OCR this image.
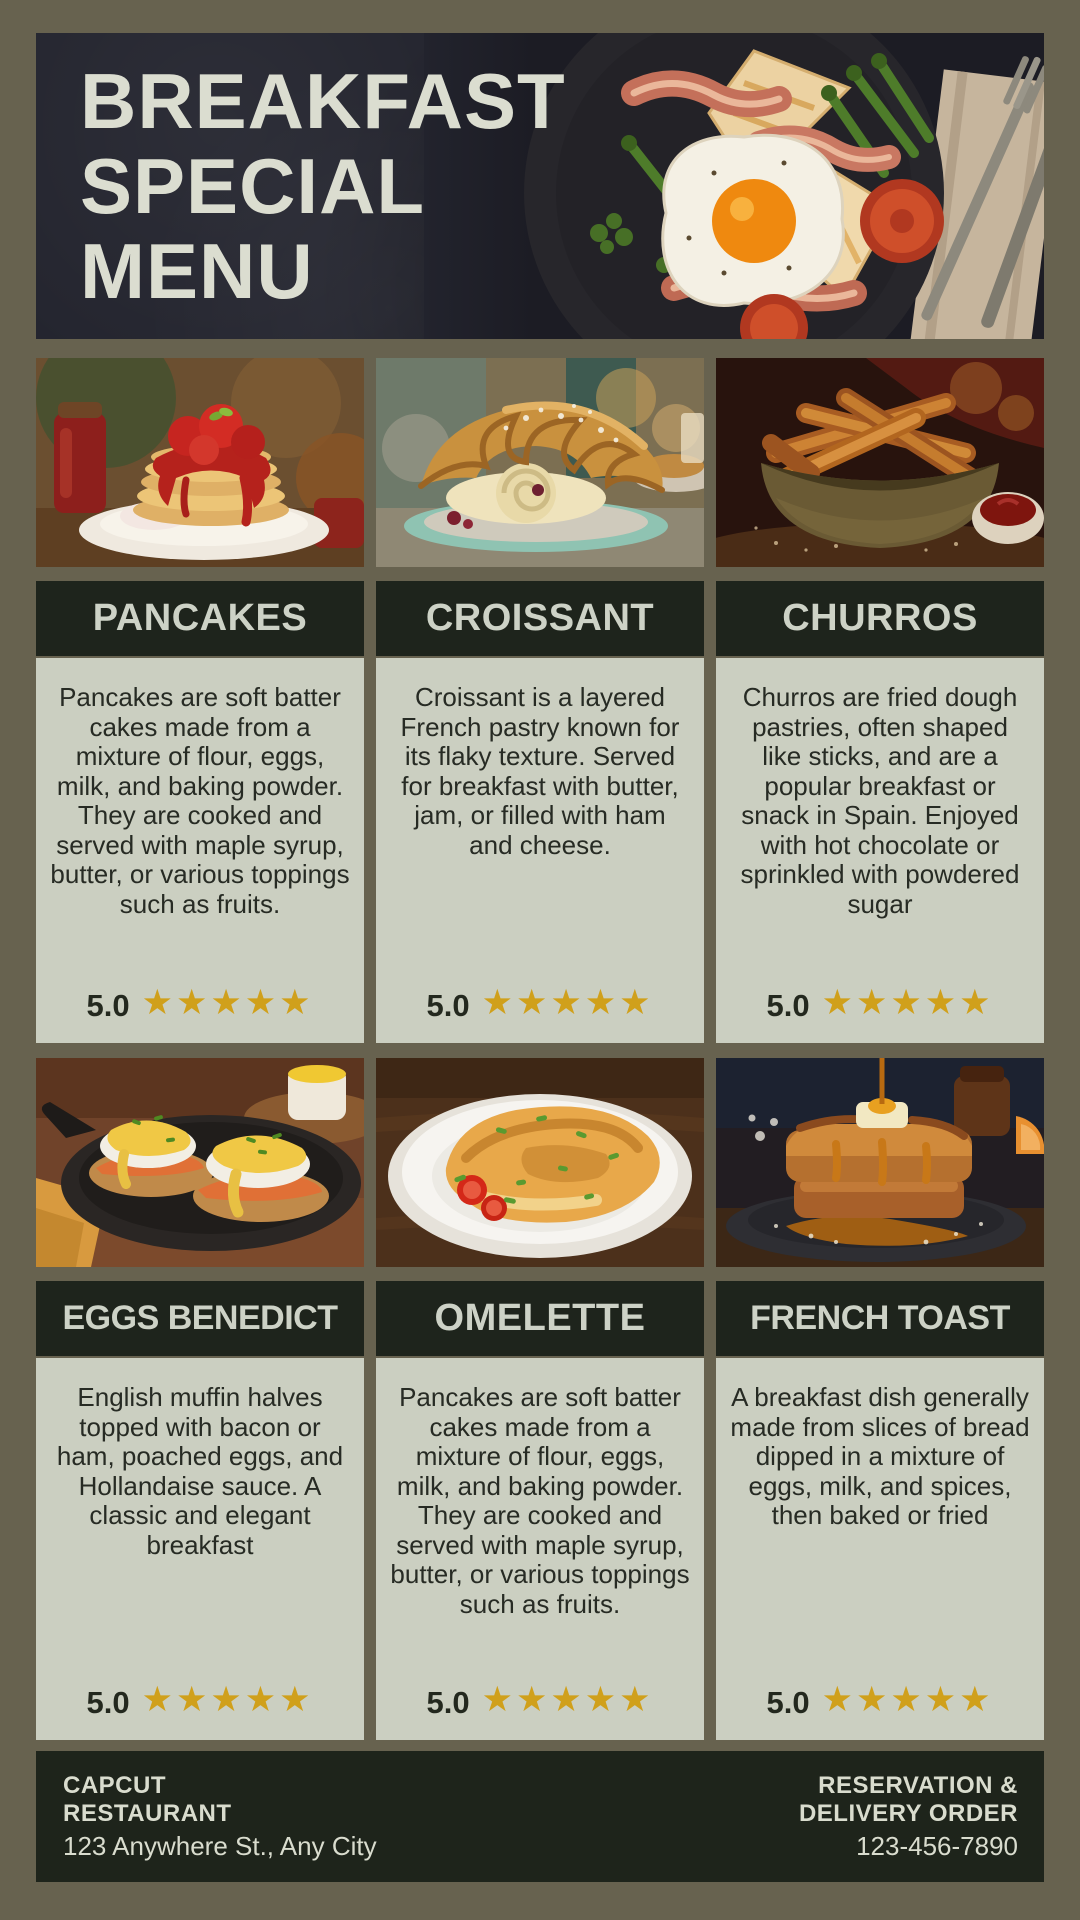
BREAKFAST
SPECIAL
MENU
PANCAKES
Pancakes are soft batter cakes made from a mixture of flour, eggs, milk, and baking powder. They are cooked and served with maple syrup, butter, or various toppings such as fruits.
5.0 ★★★★★
CROISSANT
Croissant is a layered French pastry known for its flaky texture. Served for breakfast with butter, jam, or filled with ham and cheese.
5.0 ★★★★★
CHURROS
Churros are fried dough pastries, often shaped like sticks, and are a popular breakfast or snack in Spain. Enjoyed with hot chocolate or sprinkled with powdered sugar
5.0 ★★★★★
EGGS BENEDICT
English muffin halves topped with bacon or ham, poached eggs, and Hollandaise sauce. A classic and elegant breakfast
5.0 ★★★★★
OMELETTE
Pancakes are soft batter cakes made from a mixture of flour, eggs, milk, and baking powder. They are cooked and served with maple syrup, butter, or various toppings such as fruits.
5.0 ★★★★★
FRENCH TOAST
A breakfast dish generally made from slices of bread dipped in a mixture of eggs, milk, and spices, then baked or fried
5.0 ★★★★★
CAPCUT
RESTAURANT
123 Anywhere St., Any City
RESERVATION &
DELIVERY ORDER
123-456-7890
